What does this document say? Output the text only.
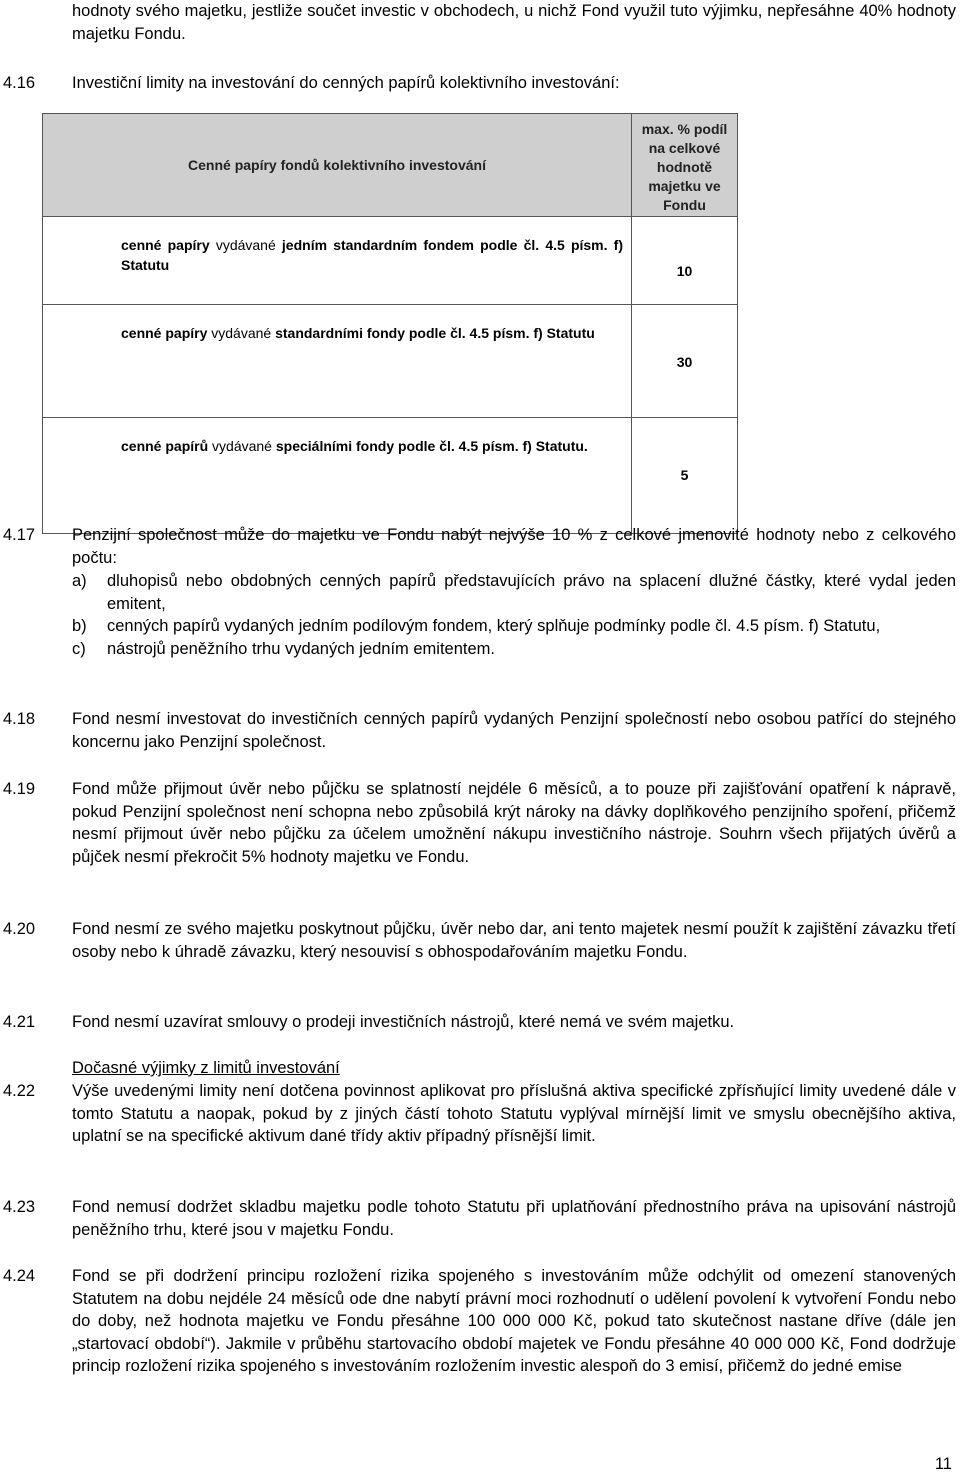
hodnoty svého majetku, jestliže součet investic v obchodech, u nichž Fond využil tuto výjimku, nepřesáhne 40% hodnoty majetku Fondu.
4.16 Investiční limity na investování do cenných papírů kolektivního investování:
Cenné papíry fondů kolektivního investování	max. % podíl na celkové hodnotě majetku ve Fondu
cenné papíry vydávané jedním standardním fondem podle čl. 4.5 písm. f) Statutu	10
cenné papíry vydávané standardními fondy podle čl. 4.5 písm. f) Statutu	30
cenné papírů vydávané speciálními fondy podle čl. 4.5 písm. f) Statutu.	5
4.17 Penzijní společnost může do majetku ve Fondu nabýt nejvýše 10 % z celkové jmenovité hodnoty nebo z celkového počtu:
a)	dluhopisů nebo obdobných cenných papírů představujících právo na splacení dlužné částky, které vydal jeden emitent,
b)	cenných papírů vydaných jedním podílovým fondem, který splňuje podmínky podle čl. 4.5 písm. f) Statutu,
c)	nástrojů peněžního trhu vydaných jedním emitentem.
4.18 Fond nesmí investovat do investičních cenných papírů vydaných Penzijní společností nebo osobou patřící do stejného koncernu jako Penzijní společnost.
4.19 Fond může přijmout úvěr nebo půjčku se splatností nejdéle 6 měsíců, a to pouze při zajišťování opatření k nápravě, pokud Penzijní společnost není schopna nebo způsobilá krýt nároky na dávky doplňkového penzijního spoření, přičemž nesmí přijmout úvěr nebo půjčku za účelem umožnění nákupu investičního nástroje. Souhrn všech přijatých úvěrů a půjček nesmí překročit 5% hodnoty majetku ve Fondu.
4.20 Fond nesmí ze svého majetku poskytnout půjčku, úvěr nebo dar, ani tento majetek nesmí použít k zajištění závazku třetí osoby nebo k úhradě závazku, který nesouvisí s obhospodařováním majetku Fondu.
4.21 Fond nesmí uzavírat smlouvy o prodeji investičních nástrojů, které nemá ve svém majetku.
Dočasné výjimky z limitů investování
4.22 Výše uvedenými limity není dotčena povinnost aplikovat pro příslušná aktiva specifické zpřísňující limity uvedené dále v tomto Statutu a naopak, pokud by z jiných částí tohoto Statutu vyplýval mírnější limit ve smyslu obecnějšího aktiva, uplatní se na specifické aktivum dané třídy aktiv případný přísnější limit.
4.23 Fond nemusí dodržet skladbu majetku podle tohoto Statutu při uplatňování přednostního práva na upisování nástrojů peněžního trhu, které jsou v majetku Fondu.
4.24 Fond se při dodržení principu rozložení rizika spojeného s investováním může odchýlit od omezení stanovených Statutem na dobu nejdéle 24 měsíců ode dne nabytí právní moci rozhodnutí o udělení povolení k vytvoření Fondu nebo do doby, než hodnota majetku ve Fondu přesáhne 100 000 000 Kč, pokud tato skutečnost nastane dříve (dále jen „startovací období“). Jakmile v průběhu startovacího období majetek ve Fondu přesáhne 40 000 000 Kč, Fond dodržuje princip rozložení rizika spojeného s investováním rozložením investic alespoň do 3 emisí, přičemž do jedné emise
11
